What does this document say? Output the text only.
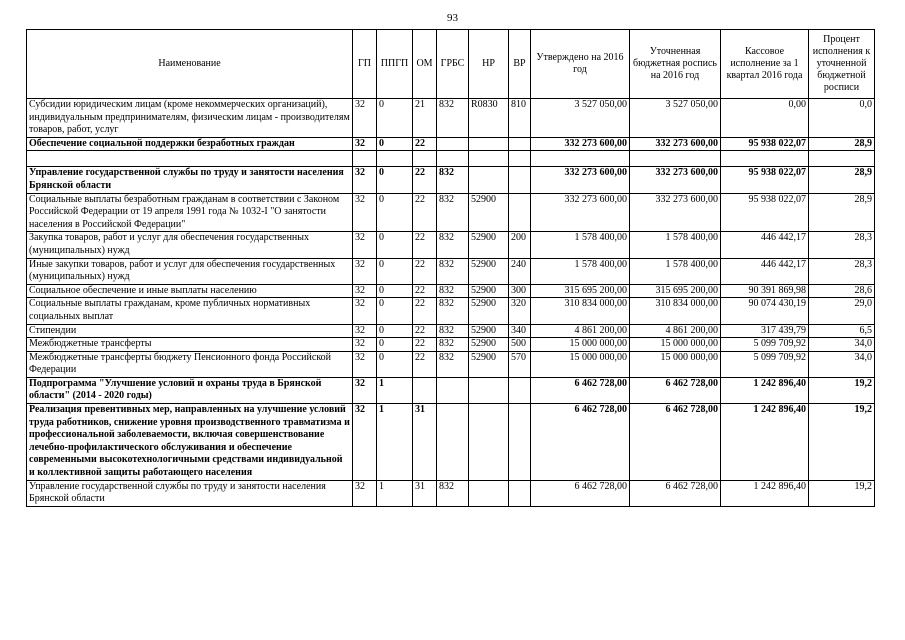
93
Наименование	ГП	ППГП	ОМ	ГРБС	НР	ВР	Утверждено на 2016 год	Уточненная бюджетная роспись на 2016 год	Кассовое исполнение за 1 квартал 2016 года	Процент исполнения к уточненной бюджетной росписи
Субсидии юридическим лицам (кроме некоммерческих организаций), индивидуальным предпринимателям, физическим лицам - производителям товаров, работ, услуг	32	0	21	832	R0830	810	3 527 050,00	3 527 050,00	0,00	0,0
Обеспечение социальной поддержки безработных граждан	32	0	22				332 273 600,00	332 273 600,00	95 938 022,07	28,9

Управление государственной службы по труду и занятости населения Брянской области	32	0	22	832			332 273 600,00	332 273 600,00	95 938 022,07	28,9
Социальные выплаты безработным гражданам в соответствии с Законом Российской Федерации от 19 апреля 1991 года № 1032-I "О занятости населения в Российской Федерации"	32	0	22	832	52900		332 273 600,00	332 273 600,00	95 938 022,07	28,9
Закупка товаров, работ и услуг для обеспечения государственных (муниципальных) нужд	32	0	22	832	52900	200	1 578 400,00	1 578 400,00	446 442,17	28,3
Иные закупки товаров, работ и услуг для обеспечения государственных (муниципальных) нужд	32	0	22	832	52900	240	1 578 400,00	1 578 400,00	446 442,17	28,3
Социальное обеспечение и иные выплаты населению	32	0	22	832	52900	300	315 695 200,00	315 695 200,00	90 391 869,98	28,6
Социальные выплаты гражданам, кроме публичных нормативных социальных выплат	32	0	22	832	52900	320	310 834 000,00	310 834 000,00	90 074 430,19	29,0
Стипендии	32	0	22	832	52900	340	4 861 200,00	4 861 200,00	317 439,79	6,5
Межбюджетные трансферты	32	0	22	832	52900	500	15 000 000,00	15 000 000,00	5 099 709,92	34,0
Межбюджетные трансферты бюджету Пенсионного фонда Российской Федерации	32	0	22	832	52900	570	15 000 000,00	15 000 000,00	5 099 709,92	34,0
Подпрограмма "Улучшение условий и охраны труда в Брянской области" (2014 - 2020 годы)	32	1					6 462 728,00	6 462 728,00	1 242 896,40	19,2
Реализация превентивных мер, направленных на улучшение условий труда работников, снижение уровня производственного травматизма и профессиональной заболеваемости, включая совершенствование лечебно-профилактического обслуживания и обеспечение современными высокотехнологичными средствами индивидуальной и коллективной защиты работающего населения	32	1	31				6 462 728,00	6 462 728,00	1 242 896,40	19,2
Управление государственной службы по труду и занятости населения Брянской области	32	1	31	832			6 462 728,00	6 462 728,00	1 242 896,40	19,2
